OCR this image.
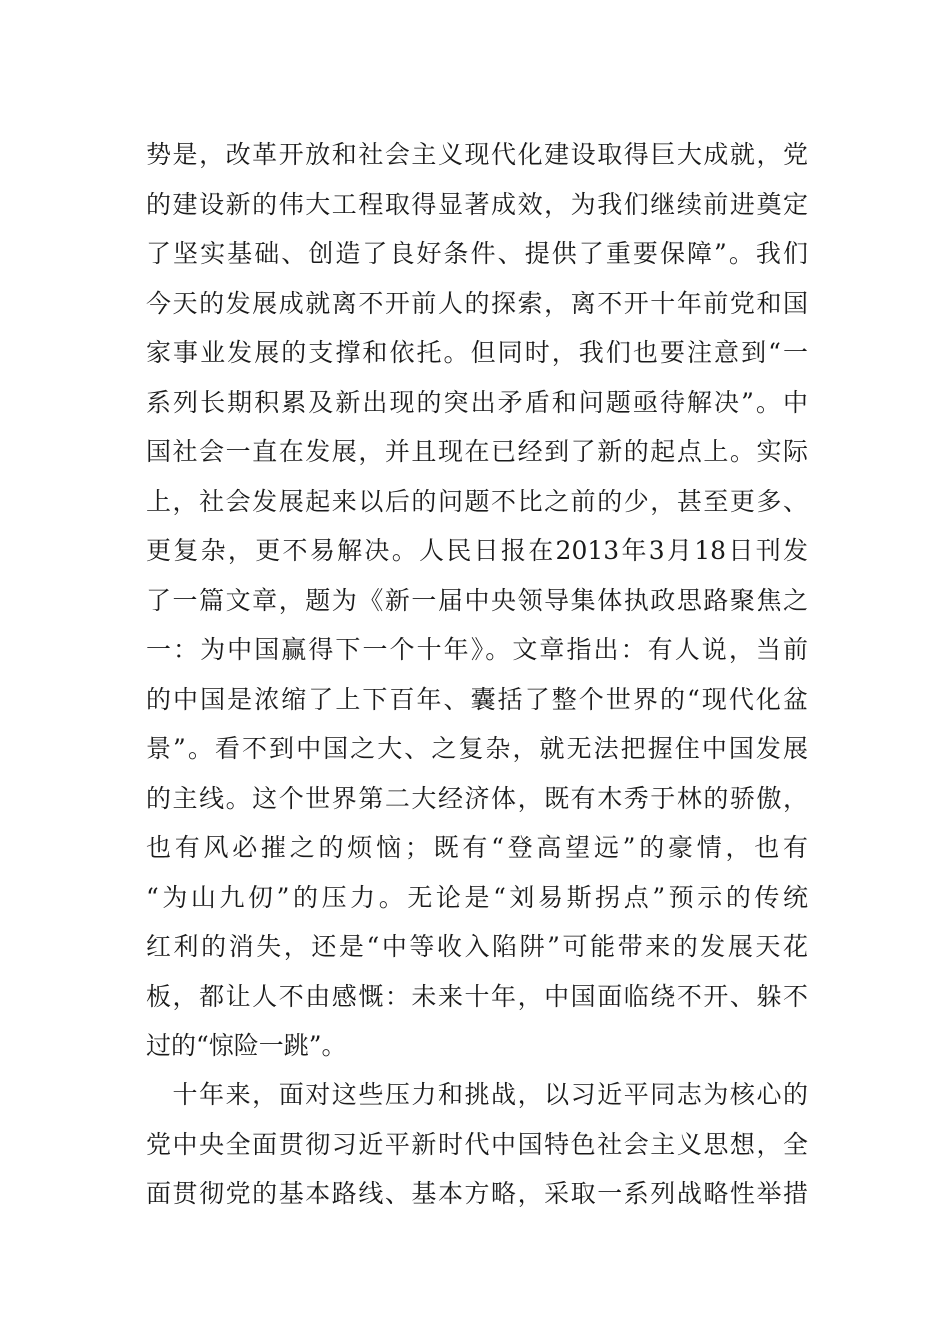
势是，改革开放和社会主义现代化建设取得巨大成就，党
的建设新的伟大工程取得显著成效，为我们继续前进奠定
了坚实基础、创造了良好条件、提供了重要保障”。我们
今天的发展成就离不开前人的探索，离不开十年前党和国
家事业发展的支撑和依托。但同时，我们也要注意到“一
系列长期积累及新出现的突出矛盾和问题亟待解决”。中
国社会一直在发展，并且现在已经到了新的起点上。实际
上，社会发展起来以后的问题不比之前的少，甚至更多、
更复杂，更不易解决。人民日报在2013年3月18日刊发
了一篇文章，题为《新一届中央领导集体执政思路聚焦之
一：为中国赢得下一个十年》。文章指出：有人说，当前
的中国是浓缩了上下百年、囊括了整个世界的“现代化盆
景”。看不到中国之大、之复杂，就无法把握住中国发展
的主线。这个世界第二大经济体，既有木秀于林的骄傲，
也有风必摧之的烦恼；既有“登高望远”的豪情，也有
“为山九仞”的压力。无论是“刘易斯拐点”预示的传统
红利的消失，还是“中等收入陷阱”可能带来的发展天花
板，都让人不由感慨：未来十年，中国面临绕不开、躲不
过的“惊险一跳”。
　十年来，面对这些压力和挑战，以习近平同志为核心的
党中央全面贯彻习近平新时代中国特色社会主义思想，全
面贯彻党的基本路线、基本方略，采取一系列战略性举措
